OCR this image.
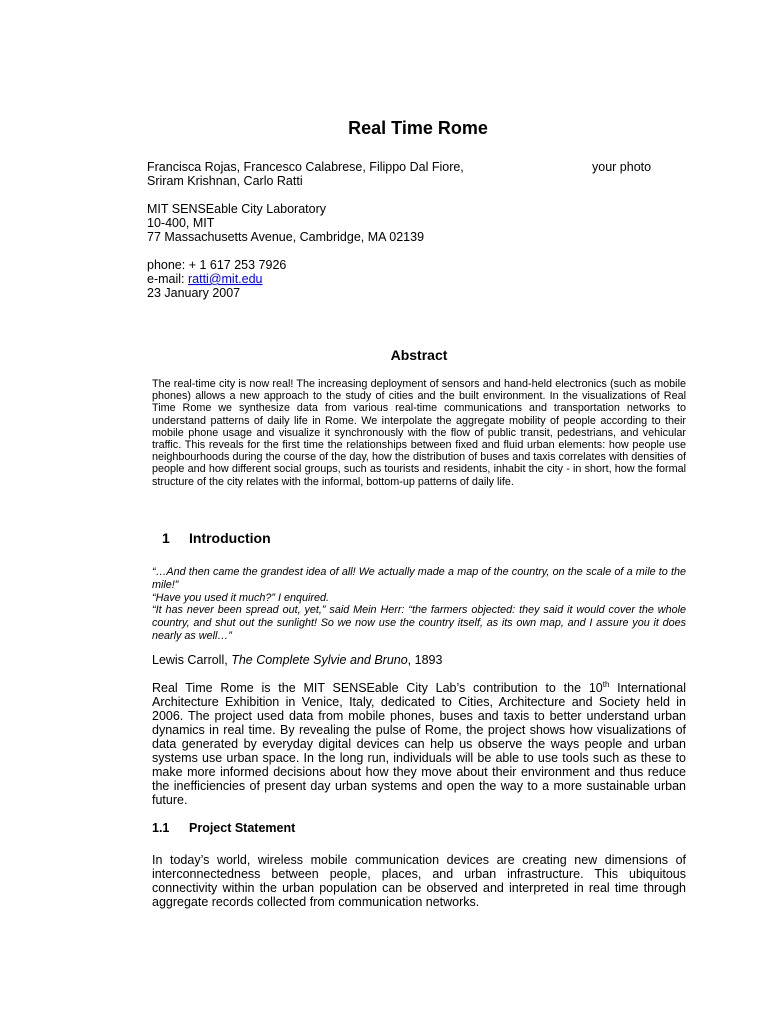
Real Time Rome
Francisca Rojas, Francesco Calabrese, Filippo Dal Fiore,	your photo
Sriram Krishnan, Carlo Ratti
MIT SENSEable City Laboratory
10-400, MIT
77 Massachusetts Avenue, Cambridge, MA 02139
phone: + 1 617 253 7926
e-mail: ratti@mit.edu
23 January 2007
Abstract
The real-time city is now real! The increasing deployment of sensors and hand-held electronics (such as mobile phones) allows a new approach to the study of cities and the built environment. In the visualizations of Real Time Rome we synthesize data from various real-time communications and transportation networks to understand patterns of daily life in Rome. We interpolate the aggregate mobility of people according to their mobile phone usage and visualize it synchronously with the flow of public transit, pedestrians, and vehicular traffic. This reveals for the first time the relationships between fixed and fluid urban elements: how people use neighbourhoods during the course of the day, how the distribution of buses and taxis correlates with densities of people and how different social groups, such as tourists and residents, inhabit the city - in short, how the formal structure of the city relates with the informal, bottom-up patterns of daily life.
1 Introduction

“…And then came the grandest idea of all! We actually made a map of the country, on the scale of a mile to the mile!”

“Have you used it much?” I enquired.

“It has never been spread out, yet,” said Mein Herr: “the farmers objected: they said it would cover the whole country, and shut out the sunlight! So we now use the country itself, as its own map, and I assure you it does nearly as well…”

Lewis Carroll, The Complete Sylvie and Bruno, 1893
Real Time Rome is the MIT SENSEable City Lab’s contribution to the 10th International Architecture Exhibition in Venice, Italy, dedicated to Cities, Architecture and Society held in 2006. The project used data from mobile phones, buses and taxis to better understand urban dynamics in real time. By revealing the pulse of Rome, the project shows how visualizations of data generated by everyday digital devices can help us observe the ways people and urban systems use urban space. In the long run, individuals will be able to use tools such as these to make more informed decisions about how they move about their environment and thus reduce the inefficiencies of present day urban systems and open the way to a more sustainable urban future.
1.1 Project Statement
In today’s world, wireless mobile communication devices are creating new dimensions of interconnectedness between people, places, and urban infrastructure. This ubiquitous connectivity within the urban population can be observed and interpreted in real time through aggregate records collected from communication networks.
